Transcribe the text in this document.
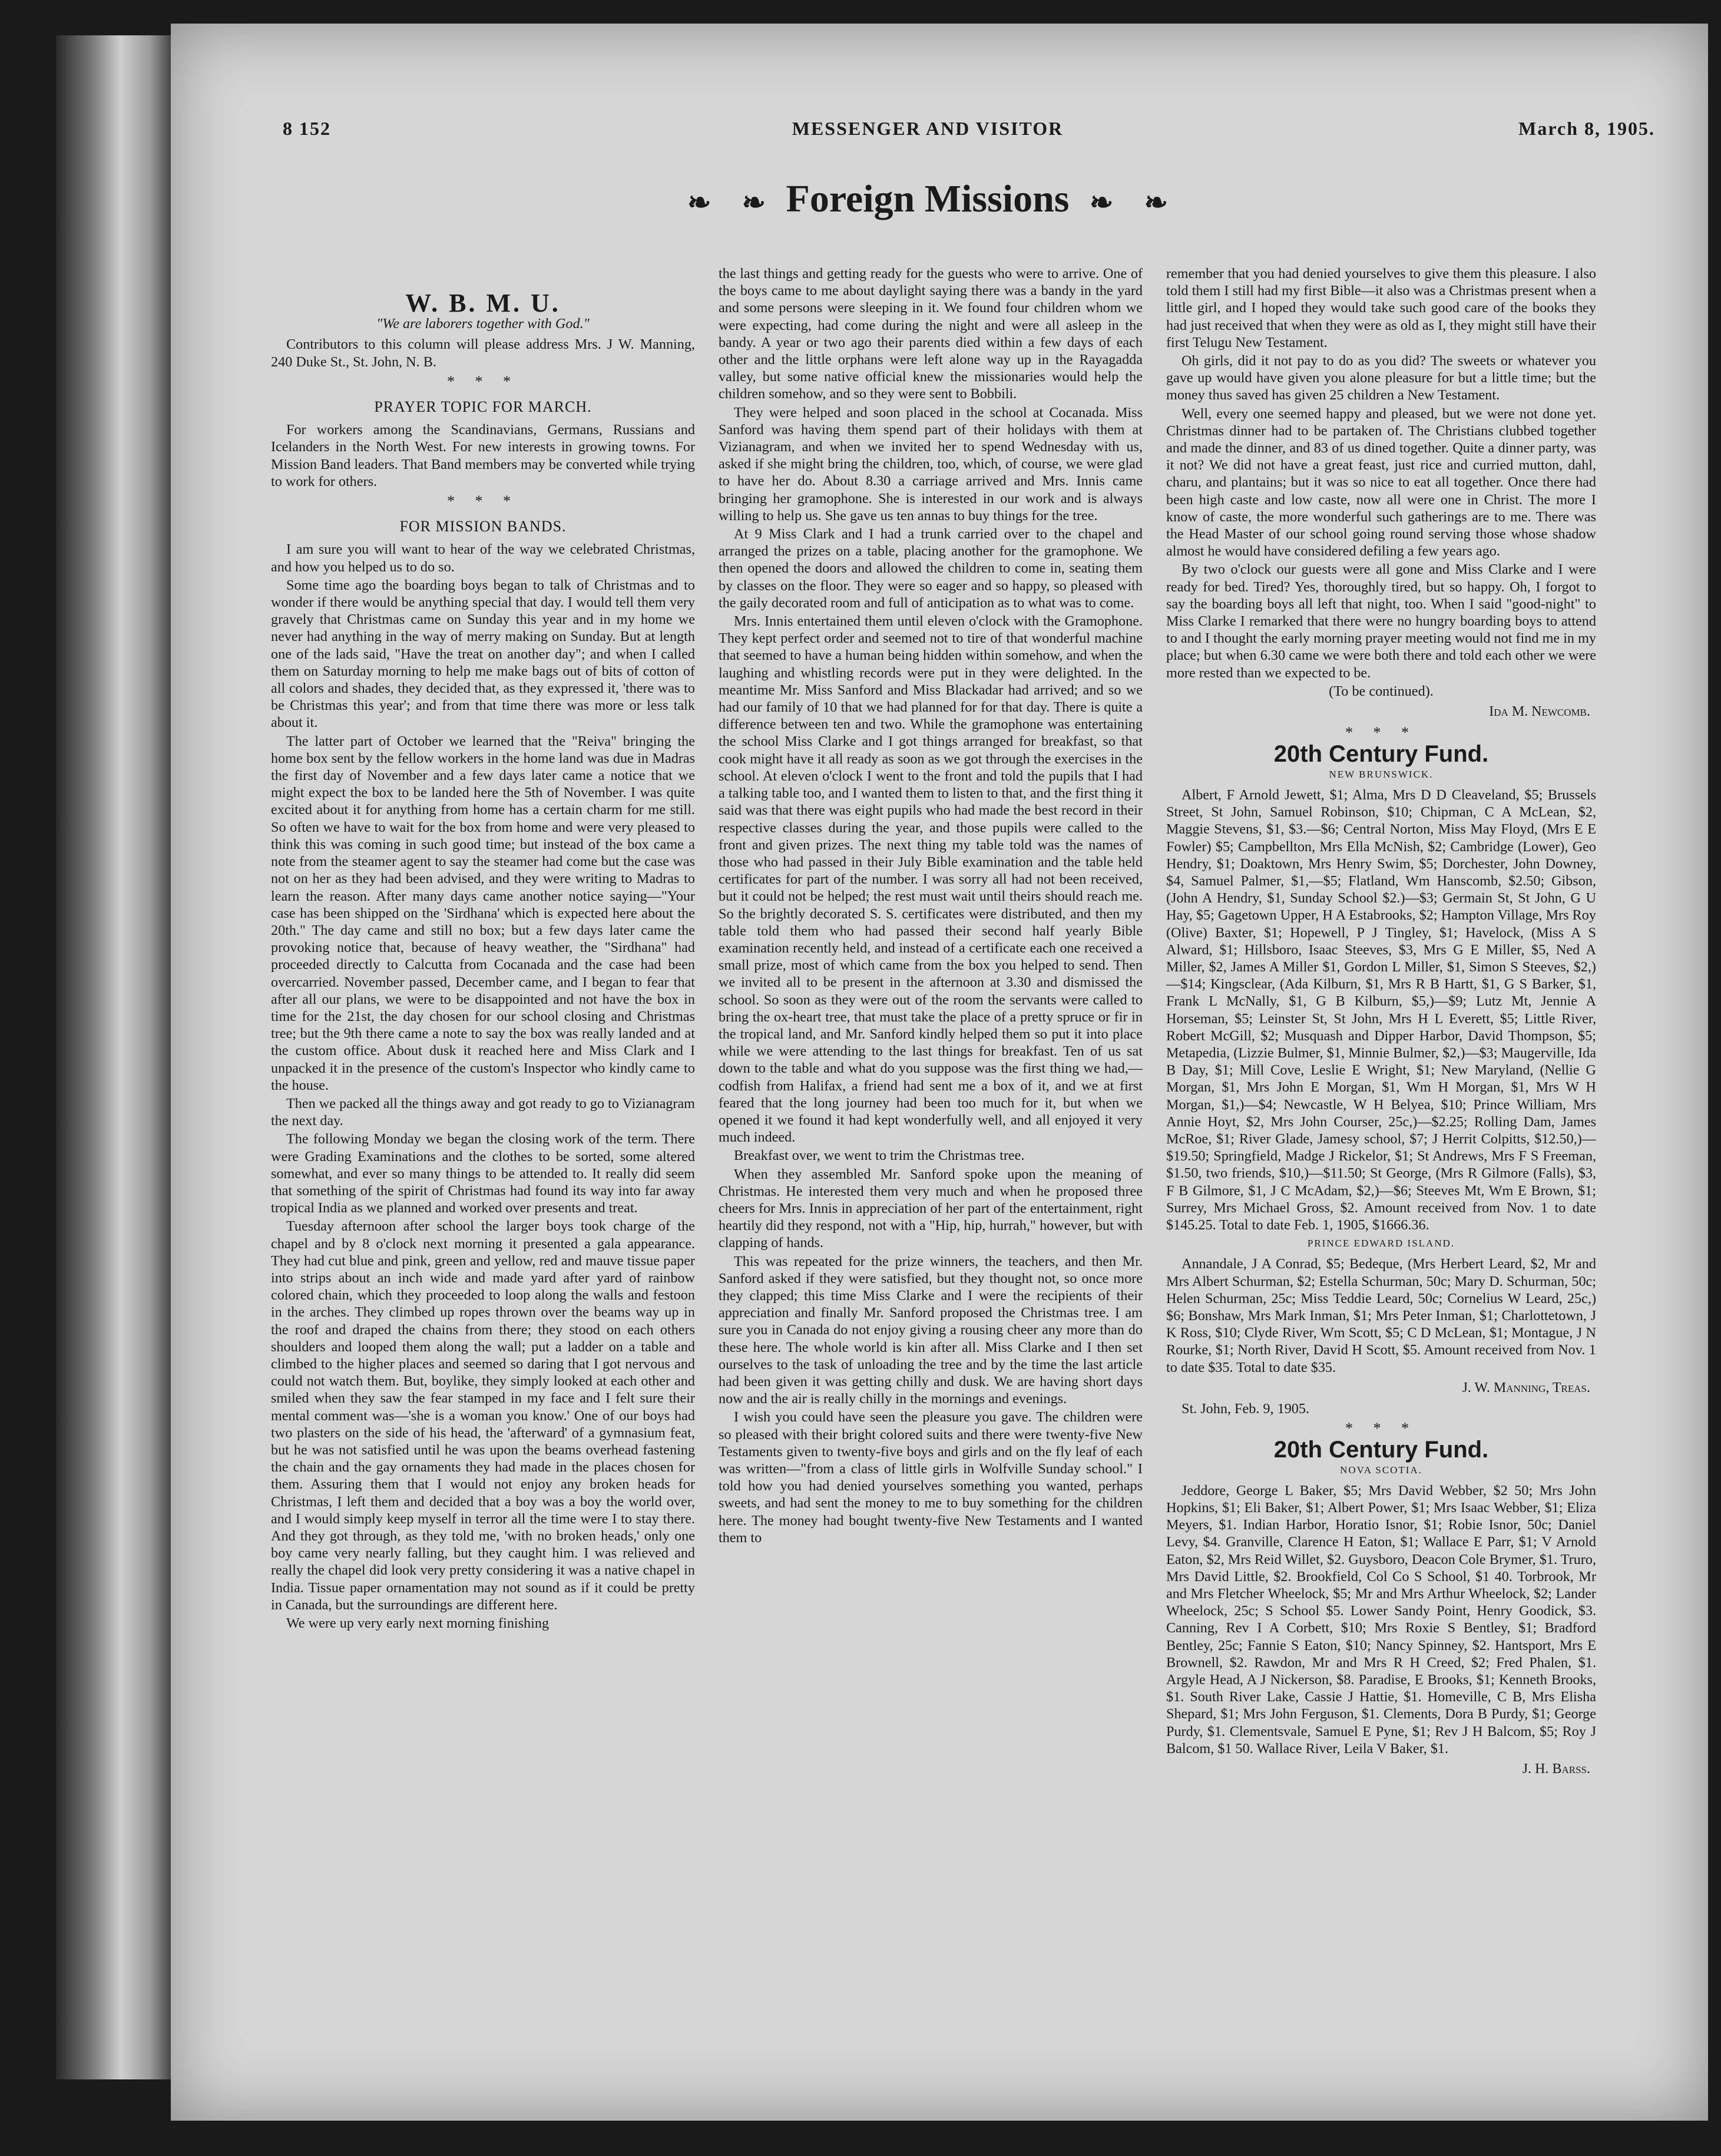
8 152	MESSENGER AND VISITOR	March 8, 1905.
❧ ❧ Foreign Missions ❧ ❧
W. B. M. U.
"We are laborers together with God."

Contributors to this column will please address Mrs. J W. Manning, 240 Duke St., St. John, N. B.

* * *
PRAYER TOPIC FOR MARCH.

For workers among the Scandinavians, Germans, Russians and Icelanders in the North West. For new interests in growing towns. For Mission Band leaders. That Band members may be converted while trying to work for others.

* * *
FOR MISSION BANDS.

I am sure you will want to hear of the way we celebrated Christmas, and how you helped us to do so.

Some time ago the boarding boys began to talk of Christmas and to wonder if there would be anything special that day. I would tell them very gravely that Christmas came on Sunday this year and in my home we never had anything in the way of merry making on Sunday. But at length one of the lads said, "Have the treat on another day"; and when I called them on Saturday morning to help me make bags out of bits of cotton of all colors and shades, they decided that, as they expressed it, 'there was to be Christmas this year'; and from that time there was more or less talk about it.

The latter part of October we learned that the "Reiva" bringing the home box sent by the fellow workers in the home land was due in Madras the first day of November and a few days later came a notice that we might expect the box to be landed here the 5th of November. I was quite excited about it for anything from home has a certain charm for me still. So often we have to wait for the box from home and were very pleased to think this was coming in such good time; but instead of the box came a note from the steamer agent to say the steamer had come but the case was not on her as they had been advised, and they were writing to Madras to learn the reason. After many days came another notice saying—"Your case has been shipped on the 'Sirdhana' which is expected here about the 20th." The day came and still no box; but a few days later came the provoking notice that, because of heavy weather, the "Sirdhana" had proceeded directly to Calcutta from Cocanada and the case had been overcarried. November passed, December came, and I began to fear that after all our plans, we were to be disappointed and not have the box in time for the 21st, the day chosen for our school closing and Christmas tree; but the 9th there came a note to say the box was really landed and at the custom office. About dusk it reached here and Miss Clark and I unpacked it in the presence of the custom's Inspector who kindly came to the house.

Then we packed all the things away and got ready to go to Vizianagram the next day.

The following Monday we began the closing work of the term. There were Grading Examinations and the clothes to be sorted, some altered somewhat, and ever so many things to be attended to. It really did seem that something of the spirit of Christmas had found its way into far away tropical India as we planned and worked over presents and treat.

Tuesday afternoon after school the larger boys took charge of the chapel and by 8 o'clock next morning it presented a gala appearance. They had cut blue and pink, green and yellow, red and mauve tissue paper into strips about an inch wide and made yard after yard of rainbow colored chain, which they proceeded to loop along the walls and festoon in the arches. They climbed up ropes thrown over the beams way up in the roof and draped the chains from there; they stood on each others shoulders and looped them along the wall; put a ladder on a table and climbed to the higher places and seemed so daring that I got nervous and could not watch them. But, boylike, they simply looked at each other and smiled when they saw the fear stamped in my face and I felt sure their mental comment was—'she is a woman you know.' One of our boys had two plasters on the side of his head, the 'afterward' of a gymnasium feat, but he was not satisfied until he was upon the beams overhead fastening the chain and the gay ornaments they had made in the places chosen for them. Assuring them that I would not enjoy any broken heads for Christmas, I left them and decided that a boy was a boy the world over, and I would simply keep myself in terror all the time were I to stay there. And they got through, as they told me, 'with no broken heads,' only one boy came very nearly falling, but they caught him. I was relieved and really the chapel did look very pretty considering it was a native chapel in India. Tissue paper ornamentation may not sound as if it could be pretty in Canada, but the surroundings are different here.

We were up very early next morning finishing

the last things and getting ready for the guests who were to arrive. One of the boys came to me about daylight saying there was a bandy in the yard and some persons were sleeping in it. We found four children whom we were expecting, had come during the night and were all asleep in the bandy. A year or two ago their parents died within a few days of each other and the little orphans were left alone way up in the Rayagadda valley, but some native official knew the missionaries would help the children somehow, and so they were sent to Bobbili.

They were helped and soon placed in the school at Cocanada. Miss Sanford was having them spend part of their holidays with them at Vizianagram, and when we invited her to spend Wednesday with us, asked if she might bring the children, too, which, of course, we were glad to have her do. About 8.30 a carriage arrived and Mrs. Innis came bringing her gramophone. She is interested in our work and is always willing to help us. She gave us ten annas to buy things for the tree.

At 9 Miss Clark and I had a trunk carried over to the chapel and arranged the prizes on a table, placing another for the gramophone. We then opened the doors and allowed the children to come in, seating them by classes on the floor. They were so eager and so happy, so pleased with the gaily decorated room and full of anticipation as to what was to come.

Mrs. Innis entertained them until eleven o'clock with the Gramophone. They kept perfect order and seemed not to tire of that wonderful machine that seemed to have a human being hidden within somehow, and when the laughing and whistling records were put in they were delighted. In the meantime Mr. Miss Sanford and Miss Blackadar had arrived; and so we had our family of 10 that we had planned for for that day. There is quite a difference between ten and two. While the gramophone was entertaining the school Miss Clarke and I got things arranged for breakfast, so that cook might have it all ready as soon as we got through the exercises in the school. At eleven o'clock I went to the front and told the pupils that I had a talking table too, and I wanted them to listen to that, and the first thing it said was that there was eight pupils who had made the best record in their respective classes during the year, and those pupils were called to the front and given prizes. The next thing my table told was the names of those who had passed in their July Bible examination and the table held certificates for part of the number. I was sorry all had not been received, but it could not be helped; the rest must wait until theirs should reach me. So the brightly decorated S. S. certificates were distributed, and then my table told them who had passed their second half yearly Bible examination recently held, and instead of a certificate each one received a small prize, most of which came from the box you helped to send. Then we invited all to be present in the afternoon at 3.30 and dismissed the school. So soon as they were out of the room the servants were called to bring the ox-heart tree, that must take the place of a pretty spruce or fir in the tropical land, and Mr. Sanford kindly helped them so put it into place while we were attending to the last things for breakfast. Ten of us sat down to the table and what do you suppose was the first thing we had,—codfish from Halifax, a friend had sent me a box of it, and we at first feared that the long journey had been too much for it, but when we opened it we found it had kept wonderfully well, and all enjoyed it very much indeed.

Breakfast over, we went to trim the Christmas tree.

When they assembled Mr. Sanford spoke upon the meaning of Christmas. He interested them very much and when he proposed three cheers for Mrs. Innis in appreciation of her part of the entertainment, right heartily did they respond, not with a "Hip, hip, hurrah," however, but with clapping of hands.

This was repeated for the prize winners, the teachers, and then Mr. Sanford asked if they were satisfied, but they thought not, so once more they clapped; this time Miss Clarke and I were the recipients of their appreciation and finally Mr. Sanford proposed the Christmas tree. I am sure you in Canada do not enjoy giving a rousing cheer any more than do these here. The whole world is kin after all. Miss Clarke and I then set ourselves to the task of unloading the tree and by the time the last article had been given it was getting chilly and dusk. We are having short days now and the air is really chilly in the mornings and evenings.

I wish you could have seen the pleasure you gave. The children were so pleased with their bright colored suits and there were twenty-five New Testaments given to twenty-five boys and girls and on the fly leaf of each was written—"from a class of little girls in Wolfville Sunday school." I told how you had denied yourselves something you wanted, perhaps sweets, and had sent the money to me to buy something for the children here. The money had bought twenty-five New Testaments and I wanted them to

remember that you had denied yourselves to give them this pleasure. I also told them I still had my first Bible—it also was a Christmas present when a little girl, and I hoped they would take such good care of the books they had just received that when they were as old as I, they might still have their first Telugu New Testament.

Oh girls, did it not pay to do as you did? The sweets or whatever you gave up would have given you alone pleasure for but a little time; but the money thus saved has given 25 children a New Testament.

Well, every one seemed happy and pleased, but we were not done yet. Christmas dinner had to be partaken of. The Christians clubbed together and made the dinner, and 83 of us dined together. Quite a dinner party, was it not? We did not have a great feast, just rice and curried mutton, dahl, charu, and plantains; but it was so nice to eat all together. Once there had been high caste and low caste, now all were one in Christ. The more I know of caste, the more wonderful such gatherings are to me. There was the Head Master of our school going round serving those whose shadow almost he would have considered defiling a few years ago.

By two o'clock our guests were all gone and Miss Clarke and I were ready for bed. Tired? Yes, thoroughly tired, but so happy. Oh, I forgot to say the boarding boys all left that night, too. When I said "good-night" to Miss Clarke I remarked that there were no hungry boarding boys to attend to and I thought the early morning prayer meeting would not find me in my place; but when 6.30 came we were both there and told each other we were more rested than we expected to be.

(To be continued).
Ida M. Newcomb.
* * *
20th Century Fund.
NEW BRUNSWICK.

Albert, F Arnold Jewett, $1; Alma, Mrs D D Cleaveland, $5; Brussels Street, St John, Samuel Robinson, $10; Chipman, C A McLean, $2, Maggie Stevens, $1, $3.—$6; Central Norton, Miss May Floyd, (Mrs E E Fowler) $5; Campbellton, Mrs Ella McNish, $2; Cambridge (Lower), Geo Hendry, $1; Doaktown, Mrs Henry Swim, $5; Dorchester, John Downey, $4, Samuel Palmer, $1,—$5; Flatland, Wm Hanscomb, $2.50; Gibson, (John A Hendry, $1, Sunday School $2.)—$3; Germain St, St John, G U Hay, $5; Gagetown Upper, H A Estabrooks, $2; Hampton Village, Mrs Roy (Olive) Baxter, $1; Hopewell, P J Tingley, $1; Havelock, (Miss A S Alward, $1; Hillsboro, Isaac Steeves, $3, Mrs G E Miller, $5, Ned A Miller, $2, James A Miller $1, Gordon L Miller, $1, Simon S Steeves, $2,)—$14; Kingsclear, (Ada Kilburn, $1, Mrs R B Hartt, $1, G S Barker, $1, Frank L McNally, $1, G B Kilburn, $5,)—$9; Lutz Mt, Jennie A Horseman, $5; Leinster St, St John, Mrs H L Everett, $5; Little River, Robert McGill, $2; Musquash and Dipper Harbor, David Thompson, $5; Metapedia, (Lizzie Bulmer, $1, Minnie Bulmer, $2,)—$3; Maugerville, Ida B Day, $1; Mill Cove, Leslie E Wright, $1; New Maryland, (Nellie G Morgan, $1, Mrs John E Morgan, $1, Wm H Morgan, $1, Mrs W H Morgan, $1,)—$4; Newcastle, W H Belyea, $10; Prince William, Mrs Annie Hoyt, $2, Mrs John Courser, 25c,)—$2.25; Rolling Dam, James McRoe, $1; River Glade, Jamesy school, $7; J Herrit Colpitts, $12.50,)—$19.50; Springfield, Madge J Rickelor, $1; St Andrews, Mrs F S Freeman, $1.50, two friends, $10,)—$11.50; St George, (Mrs R Gilmore (Falls), $3, F B Gilmore, $1, J C McAdam, $2,)—$6; Steeves Mt, Wm E Brown, $1; Surrey, Mrs Michael Gross, $2. Amount received from Nov. 1 to date $145.25. Total to date Feb. 1, 1905, $1666.36.

PRINCE EDWARD ISLAND.

Annandale, J A Conrad, $5; Bedeque, (Mrs Herbert Leard, $2, Mr and Mrs Albert Schurman, $2; Estella Schurman, 50c; Mary D. Schurman, 50c; Helen Schurman, 25c; Miss Teddie Leard, 50c; Cornelius W Leard, 25c,) $6; Bonshaw, Mrs Mark Inman, $1; Mrs Peter Inman, $1; Charlottetown, J K Ross, $10; Clyde River, Wm Scott, $5; C D McLean, $1; Montague, J N Rourke, $1; North River, David H Scott, $5. Amount received from Nov. 1 to date $35. Total to date $35.

J. W. Manning, Treas.

St. John, Feb. 9, 1905.

* * *
20th Century Fund.
NOVA SCOTIA.

Jeddore, George L Baker, $5; Mrs David Webber, $2 50; Mrs John Hopkins, $1; Eli Baker, $1; Albert Power, $1; Mrs Isaac Webber, $1; Eliza Meyers, $1. Indian Harbor, Horatio Isnor, $1; Robie Isnor, 50c; Daniel Levy, $4. Granville, Clarence H Eaton, $1; Wallace E Parr, $1; V Arnold Eaton, $2, Mrs Reid Willet, $2. Guysboro, Deacon Cole Brymer, $1. Truro, Mrs David Little, $2. Brookfield, Col Co S School, $1 40. Torbrook, Mr and Mrs Fletcher Wheelock, $5; Mr and Mrs Arthur Wheelock, $2; Lander Wheelock, 25c; S School $5. Lower Sandy Point, Henry Goodick, $3. Canning, Rev I A Corbett, $10; Mrs Roxie S Bentley, $1; Bradford Bentley, 25c; Fannie S Eaton, $10; Nancy Spinney, $2. Hantsport, Mrs E Brownell, $2. Rawdon, Mr and Mrs R H Creed, $2; Fred Phalen, $1. Argyle Head, A J Nickerson, $8. Paradise, E Brooks, $1; Kenneth Brooks, $1. South River Lake, Cassie J Hattie, $1. Homeville, C B, Mrs Elisha Shepard, $1; Mrs John Ferguson, $1. Clements, Dora B Purdy, $1; George Purdy, $1. Clementsvale, Samuel E Pyne, $1; Rev J H Balcom, $5; Roy J Balcom, $1 50. Wallace River, Leila V Baker, $1.

J. H. Barss.
